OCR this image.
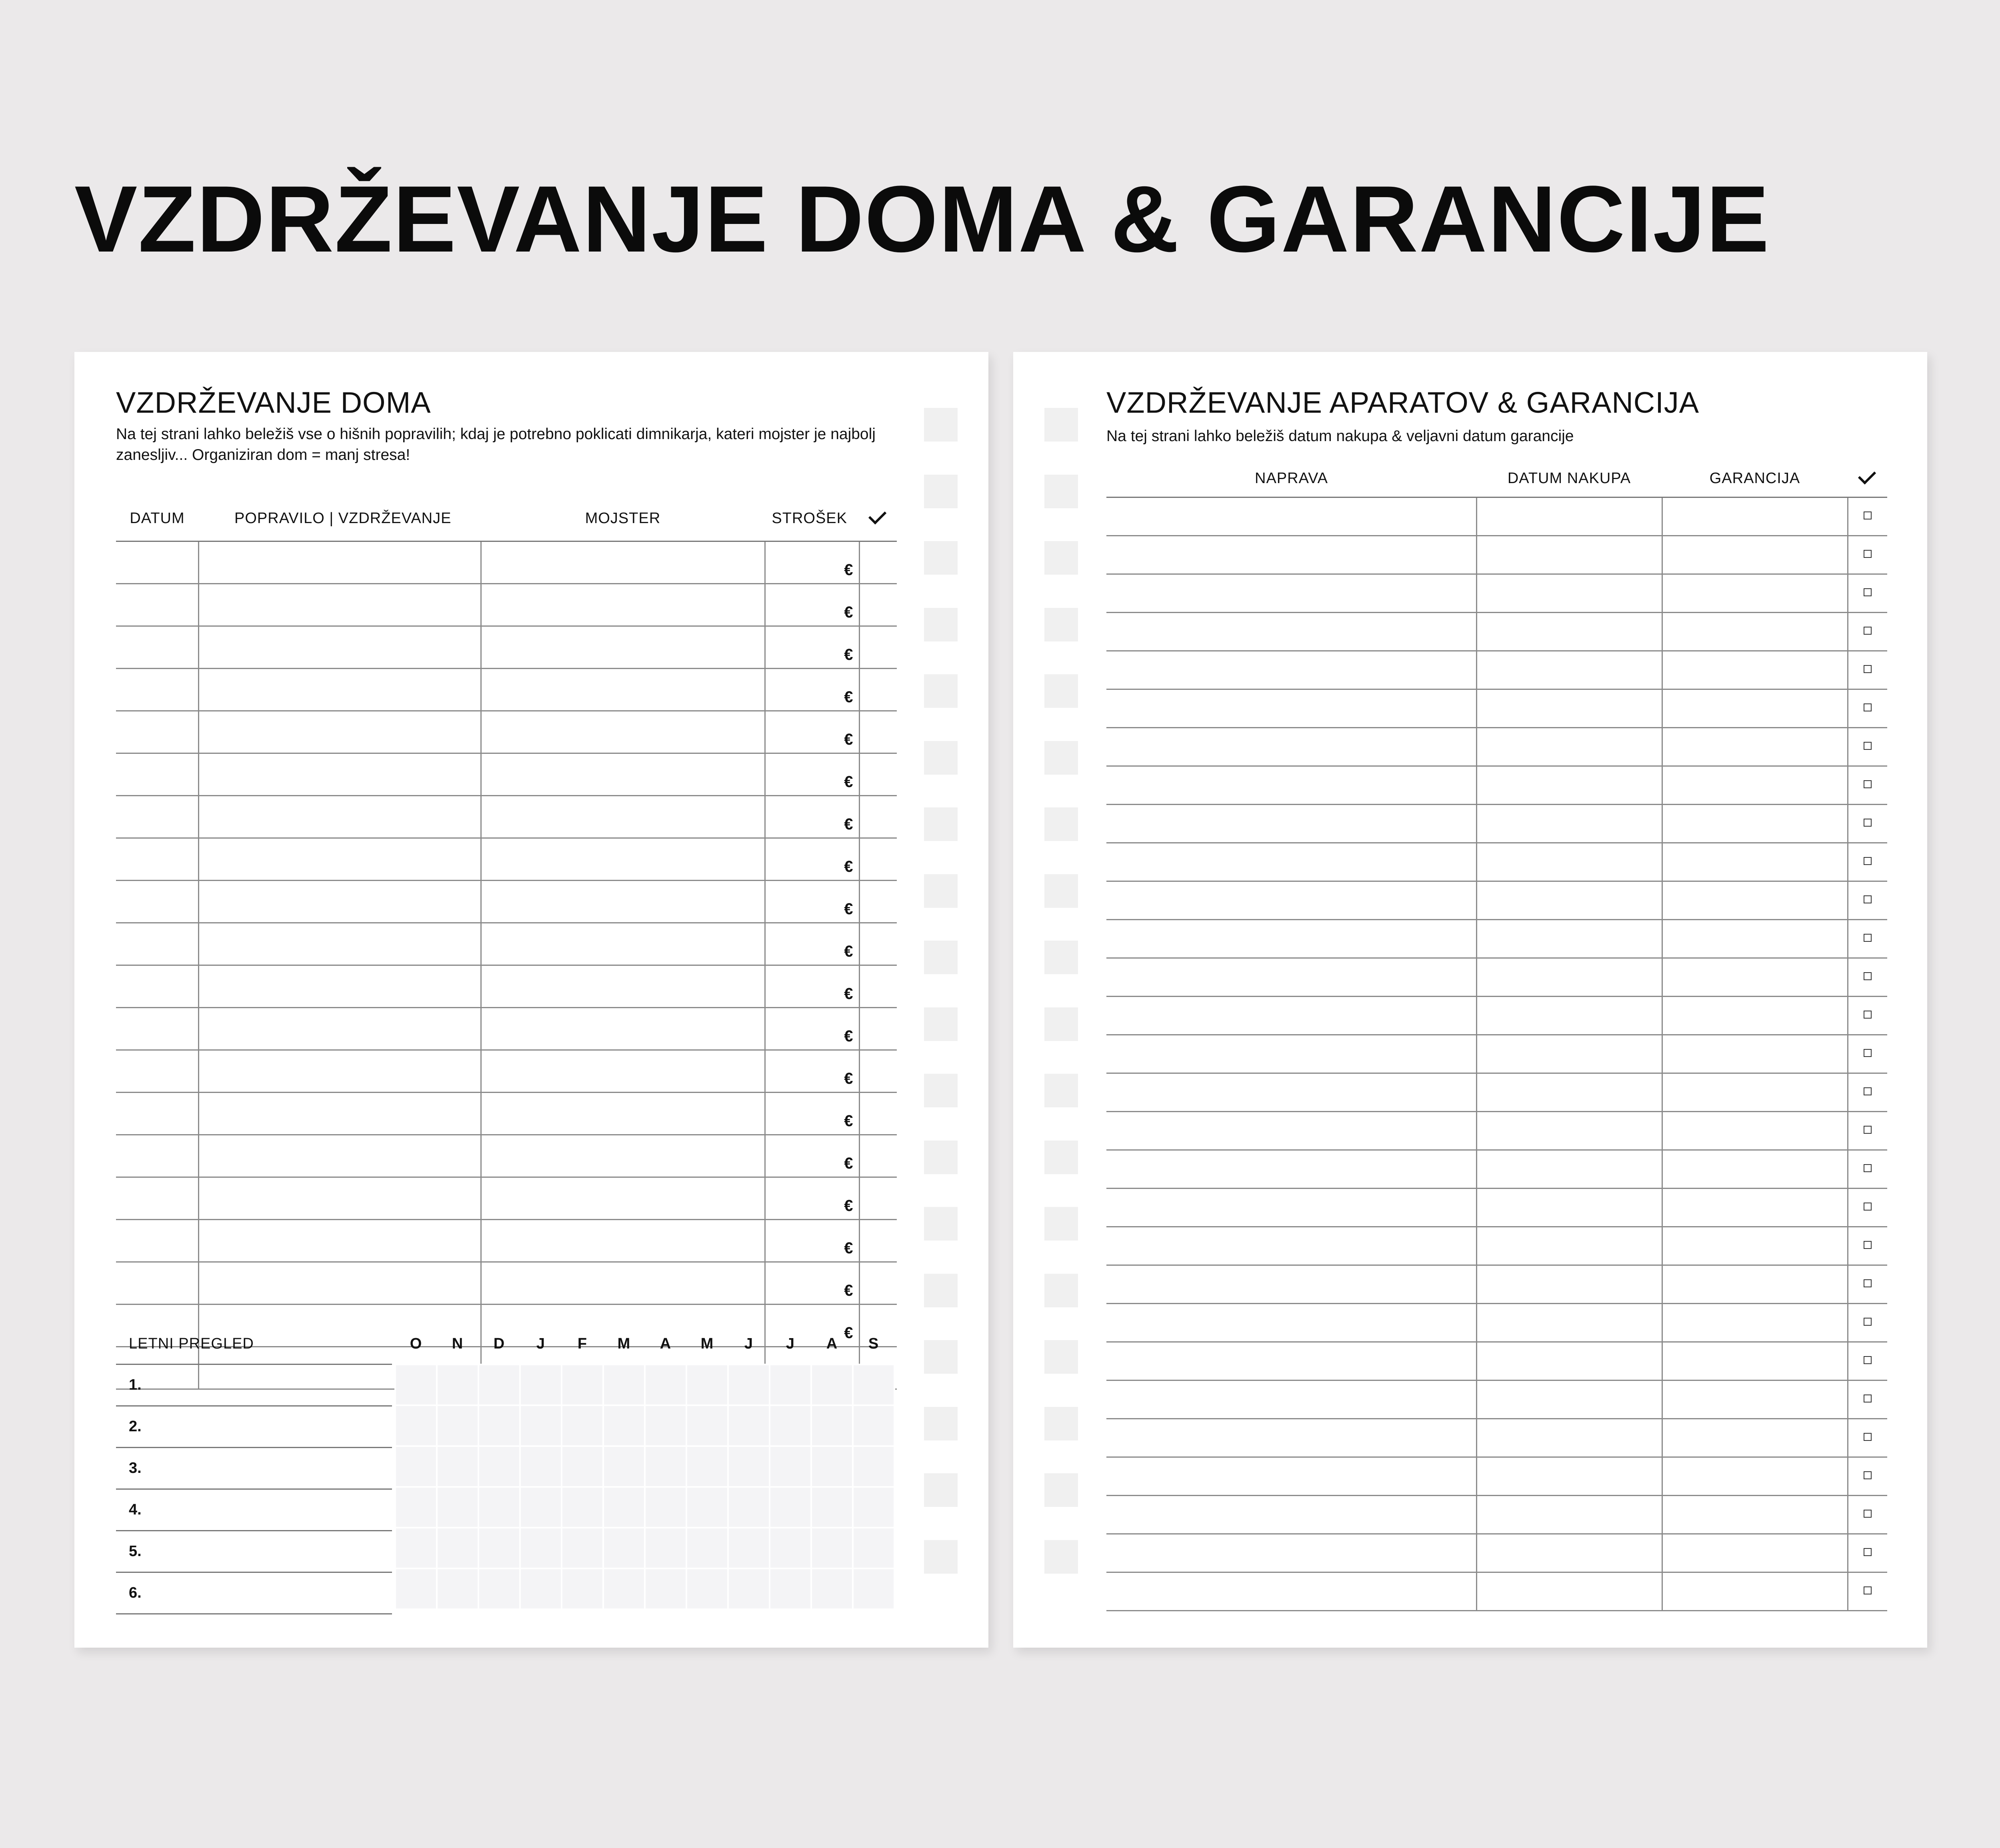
VZDRŽEVANJE DOMA & GARANCIJE
VZDRŽEVANJE DOMA
Na tej strani lahko beležiš vse o hišnih popravilih; kdaj je potrebno poklicati dimnikarja, kateri mojster je najbolj zanesljiv... Organiziran dom = manj stresa!
DATUM	POPRAVILO | VZDRŽEVANJE	MOJSTER	STROŠEK	
			€	
			€	
			€	
			€	
			€	
			€	
			€	
			€	
			€	
			€	
			€	
			€	
			€	
			€	
			€	
			€	
			€	
			€	
			€	

LETNI PREGLED
1.
2.
3.
4.
5.
6.
O	N	D	J	F	M	A	M	J	J	A	S

VZDRŽEVANJE APARATOV & GARANCIJA
Na tej strani lahko beležiš datum nakupa & veljavni datum garancije
NAPRAVA	DATUM NAKUPA	GARANCIJA	
